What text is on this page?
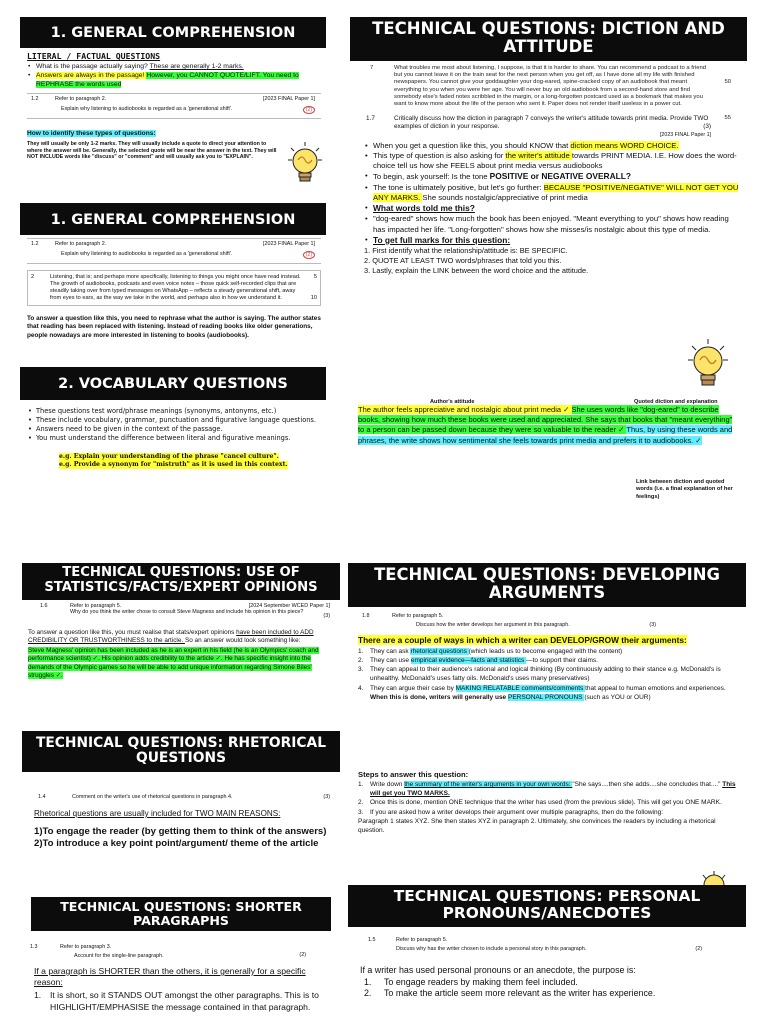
1. GENERAL COMPREHENSION
LITERAL / FACTUAL QUESTIONS
• What is the passage actually saying? These are generally 1-2 marks.
• Answers are always in the passage! However, you CANNOT QUOTE/LIFT. You need to REPHRASE the words used
1.2	Refer to paragraph 2.	[2023 FINAL Paper 1]
Explain why listening to audiobooks is regarded as a 'generational shift'.	(2)
How to identify these types of questions:
They will usually be only 1-2 marks. They will usually include a quote to direct your attention to where the answer will be. Generally, the selected quote will be near the answer in the text. They will NOT INCLUDE words like "discuss" or "comment" and will usually ask you to "EXPLAIN".
1. GENERAL COMPREHENSION
1.2	Refer to paragraph 2.	[2023 FINAL Paper 1]
Explain why listening to audiobooks is regarded as a 'generational shift'.	(2)
2	Listening, that is; and perhaps more specifically, listening to things you might once have read instead. The growth of audiobooks, podcasts and even voice notes – those quick self-recorded clips that are steadily taking over from typed messages on WhatsApp – reflects a steady generational shift, away from eyes to ears, as the way we take in the world, and perhaps also in how we understand it.
5
10
To answer a question like this, you need to rephrase what the author is saying. The author states that reading has been replaced with listening. Instead of reading books like older generations, people nowadays are more interested in listening to books (audiobooks).
2. VOCABULARY QUESTIONS
• These questions test word/phrase meanings (synonyms, antonyms, etc.)
• These include vocabulary, grammar, punctuation and figurative language questions.
• Answers need to be given in the context of the passage.
• You must understand the difference between literal and figurative meanings.
e.g. Explain your understanding of the phrase "cancel culture".
e.g. Provide a synonym for "mistruth" as it is used in this context.
TECHNICAL QUESTIONS: DICTION AND ATTITUDE
7	What troubles me most about listening, I suppose, is that it is harder to share. You can recommend a podcast to a friend but you cannot leave it on the train seat for the next person when you get off, as I have done all my life with finished newspapers. You cannot give your goddaughter your dog-eared, spine-cracked copy of an audiobook that meant everything to you when you were her age. You will never buy an old audiobook from a second-hand store and find somebody else's faded notes scribbled in the margin, or a long-forgotten postcard used as a bookmark that makes you want to know more about the life of the person who sent it. Paper does not render itself useless in a power cut.
50
55
1.7	Critically discuss how the diction in paragraph 7 conveys the writer's attitude towards print media. Provide TWO examples of diction in your response.	(3)
[2023 FINAL Paper 1]
• When you get a question like this, you should KNOW that diction means WORD CHOICE.
• This type of question is also asking for the writer's attitude towards PRINT MEDIA. I.E. How does the word-choice tell us how she FEELS about print media versus audiobooks
• To begin, ask yourself: Is the tone POSITIVE or NEGATIVE OVERALL?
• The tone is ultimately positive, but let's go further: BECAUSE "POSITIVE/NEGATIVE" WILL NOT GET YOU ANY MARKS. She sounds nostalgic/appreciative of print media
• What words told me this?
• "dog-eared" shows how much the book has been enjoyed. "Meant everything to you" shows how reading has impacted her life. "Long-forgotten" shows how she misses/is nostalgic about this type of media.
• To get full marks for this question:
1. First identify what the relationship/attitude is: BE SPECIFIC.
2. QUOTE AT LEAST TWO words/phrases that told you this.
3. Lastly, explain the LINK between the word choice and the attitude.
Author's attitude	Quoted diction and explanation
The author feels appreciative and nostalgic about print media ✓ She uses words like "dog-eared" to describe books, showing how much these books were used and appreciated. She says that books that "meant everything" to a person can be passed down because they were so valuable to the reader ✓ Thus, by using these words and phrases, the write shows how sentimental she feels towards print media and prefers it to audiobooks. ✓
Link between diction and quoted words (i.e. a final explanation of her feelings)
TECHNICAL QUESTIONS: USE OF STATISTICS/FACTS/EXPERT OPINIONS
1.6	Refer to paragraph 5.	[2024 September WCED Paper 1]
Why do you think the writer chose to consult Steve Magness and include his opinion in this piece?
(3)
To answer a question like this, you must realise that stats/expert opinions have been included to ADD CREDIBILITY OR TRUSTWORTHINESS to the article. So an answer would look something like:
Steve Magness' opinion has been included as he is an expert in his field (he is an Olympics' coach and performance scientist) ✓. His opinion adds credibility to the article ✓. He has specific insight into the demands of the Olympic games so he will be able to add unique information regarding Simone Biles' struggles ✓.
TECHNICAL QUESTIONS: RHETORICAL QUESTIONS
1.4	Comment on the writer's use of rhetorical questions in paragraph 4.	(3)
Rhetorical questions are usually included for TWO MAIN REASONS:
1)To engage the reader (by getting them to think of the answers)
2)To introduce a key point point/argument/ theme of the article
TECHNICAL QUESTIONS: SHORTER PARAGRAPHS
1.3	Refer to paragraph 3.
Account for the single-line paragraph.	(2)
If a paragraph is SHORTER than the others, it is generally for a specific reason:
1. It is short, so it STANDS OUT amongst the other paragraphs. This is to HIGHLIGHT/EMPHASISE the message contained in that paragraph.
TECHNICAL QUESTIONS: DEVELOPING ARGUMENTS
1.8	Refer to paragraph 5.
Discuss how the writer develops her argument in this paragraph.	(3)
There are a couple of ways in which a writer can DEVELOP/GROW their arguments:
1. They can ask rhetorical questions (which leads us to become engaged with the content)
2. They can use empirical evidence—facts and statistics —to support their claims.
3. They can appeal to their audience's rational and logical thinking (By continuously adding to their stance e.g. McDonald's is unhealthy. McDonald's uses fatty oils. McDonald's uses many preservatives)
4. They can argue their case by MAKING RELATABLE comments/comments that appeal to human emotions and experiences. When this is done, writers will generally use PERSONAL PRONOUNS (such as YOU or OUR)
Steps to answer this question:
1. Write down the summary of the writer's arguments in your own words: "She says....then she adds....she concludes that...." This will get you TWO MARKS.
2. Once this is done, mention ONE technique that the writer has used (from the previous slide). This will get you ONE MARK.
3. If you are asked how a writer develops their argument over multiple paragraphs, then do the following:
Paragraph 1 states XYZ. She then states XYZ in paragraph 2. Ultimately, she convinces the readers by including a rhetorical question.
TECHNICAL QUESTIONS: PERSONAL PRONOUNS/ANECDOTES
1.5	Refer to paragraph 5.
Discuss why has the writer chosen to include a personal story in this paragraph.	(2)
If a writer has used personal pronouns or an anecdote, the purpose is:
1. To engage readers by making them feel included.
2. To make the article seem more relevant as the writer has experience.
